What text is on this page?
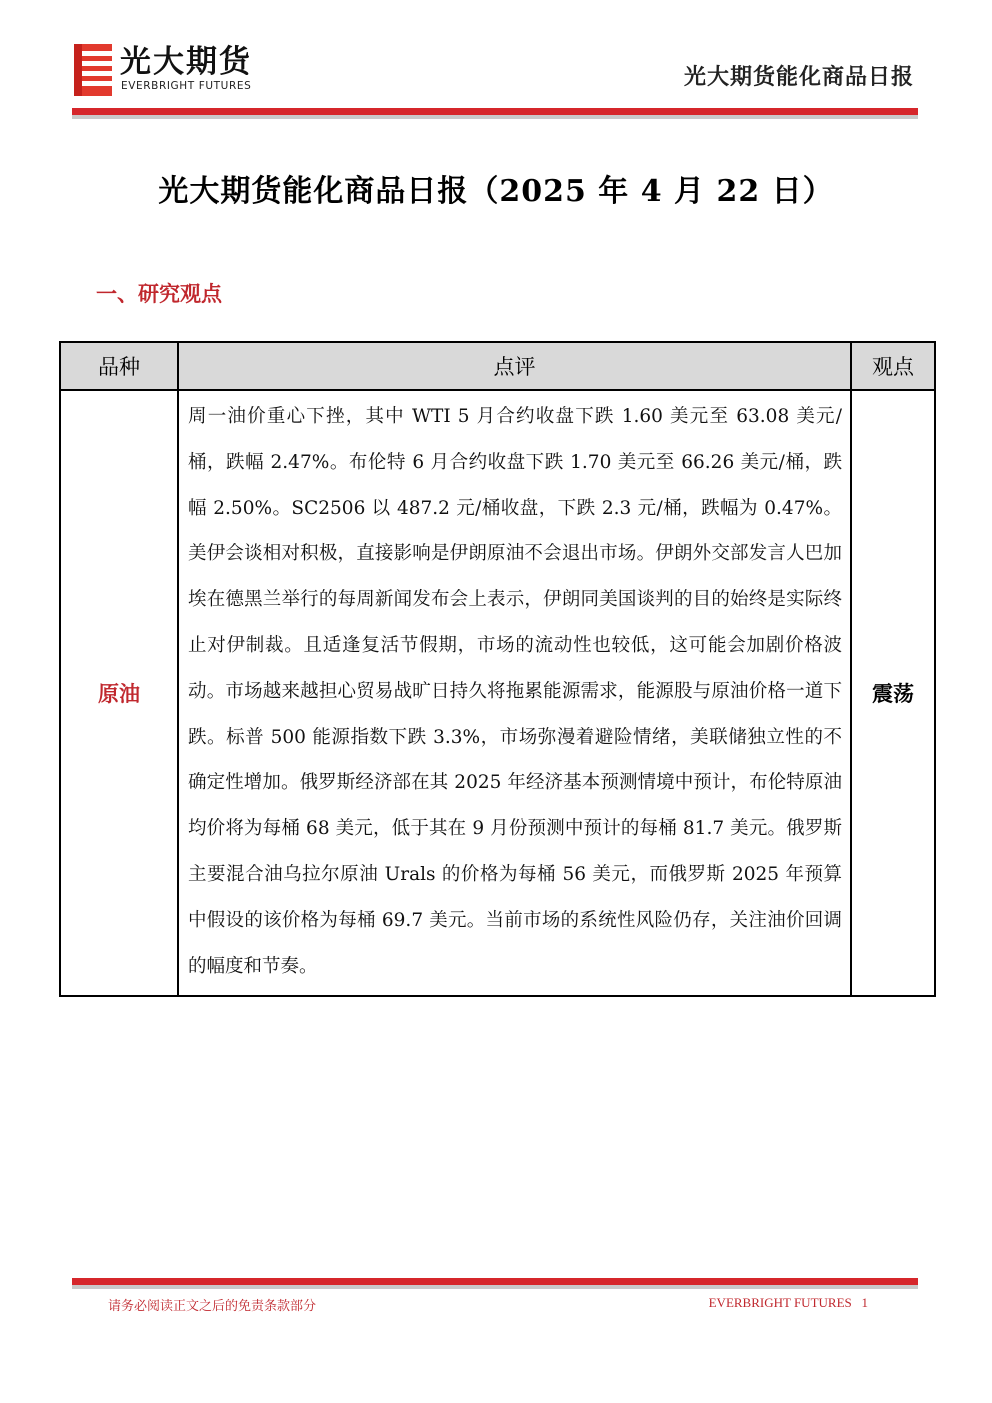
光大期货
EVERBRIGHT FUTURES	光大期货能化商品日报
光大期货能化商品日报（2025 年 4 月 22 日）
一、研究观点
品种	点评	观点
原油	周一油价重心下挫，其中 WTI 5 月合约收盘下跌 1.60 美元至 63.08 美元/桶，跌幅 2.47%。布伦特 6 月合约收盘下跌 1.70 美元至 66.26 美元/桶，跌幅 2.50%。SC2506 以 487.2 元/桶收盘，下跌 2.3 元/桶，跌幅为 0.47%。美伊会谈相对积极，直接影响是伊朗原油不会退出市场。伊朗外交部发言人巴加埃在德黑兰举行的每周新闻发布会上表示，伊朗同美国谈判的目的始终是实际终止对伊制裁。且适逢复活节假期，市场的流动性也较低，这可能会加剧价格波动。市场越来越担心贸易战旷日持久将拖累能源需求，能源股与原油价格一道下跌。标普 500 能源指数下跌 3.3%，市场弥漫着避险情绪，美联储独立性的不确定性增加。俄罗斯经济部在其 2025 年经济基本预测情境中预计，布伦特原油均价将为每桶 68 美元，低于其在 9 月份预测中预计的每桶 81.7 美元。俄罗斯主要混合油乌拉尔原油 Urals 的价格为每桶 56 美元，而俄罗斯 2025 年预算中假设的该价格为每桶 69.7 美元。当前市场的系统性风险仍存，关注油价回调的幅度和节奏。	震荡
请务必阅读正文之后的免责条款部分	EVERBRIGHT FUTURES 1
